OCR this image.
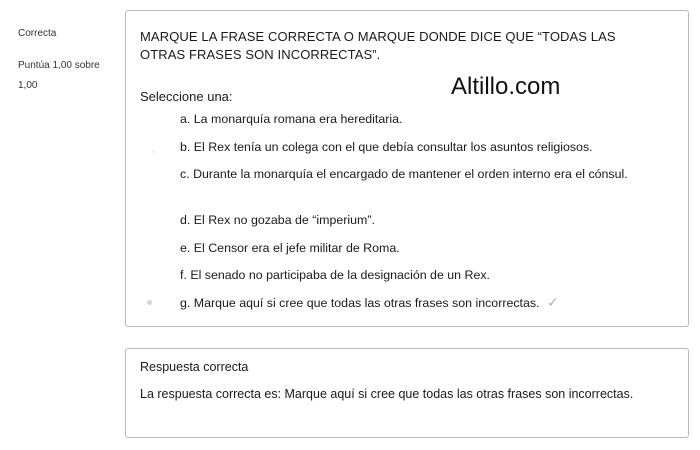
Correcta
Puntúa 1,00 sobre 1,00
MARQUE LA FRASE CORRECTA O MARQUE DONDE DICE QUE “TODAS LAS OTRAS FRASES SON INCORRECTAS”.
Altillo.com
Seleccione una:
a. La monarquía romana era hereditaria.
b. El Rex tenía un colega con el que debía consultar los asuntos religiosos.
c. Durante la monarquía el encargado de mantener el orden interno era el cónsul.
d. El Rex no gozaba de “imperium”.
e. El Censor era el jefe militar de Roma.
f. El senado no participaba de la designación de un Rex.
g. Marque aquí si cree que todas las otras frases son incorrectas. ✓
Respuesta correcta
La respuesta correcta es: Marque aquí si cree que todas las otras frases son incorrectas.
